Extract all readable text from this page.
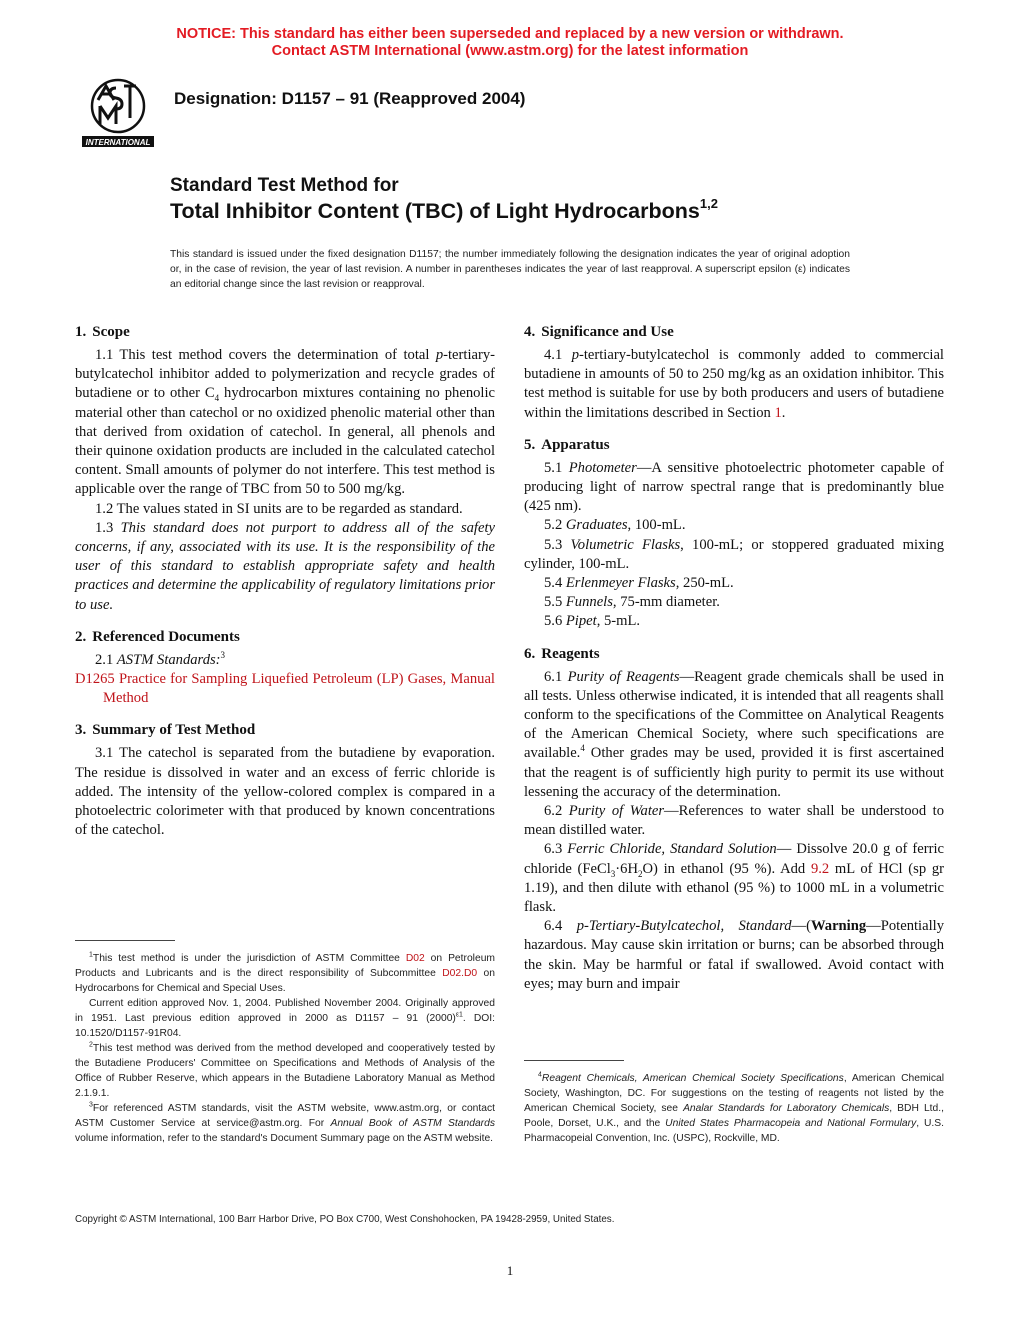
NOTICE: This standard has either been superseded and replaced by a new version or withdrawn.
Contact ASTM International (www.astm.org) for the latest information
INTERNATIONAL
Designation: D1157 – 91 (Reapproved 2004)
Standard Test Method for
Total Inhibitor Content (TBC) of Light Hydrocarbons$^{1,2}$
This standard is issued under the fixed designation D1157; the number immediately following the designation indicates the year of original adoption or, in the case of revision, the year of last revision. A number in parentheses indicates the year of last reapproval. A superscript epsilon (ε) indicates an editorial change since the last revision or reapproval.
1. Scope

1.1 This test method covers the determination of total p-tertiary-butylcatechol inhibitor added to polymerization and recycle grades of butadiene or to other $C_4$ hydrocarbon mixtures containing no phenolic material other than catechol or no oxidized phenolic material other than that derived from oxidation of catechol. In general, all phenols and their quinone oxidation products are included in the calculated catechol content. Small amounts of polymer do not interfere. This test method is applicable over the range of TBC from 50 to 500 mg/kg.

1.2 The values stated in SI units are to be regarded as standard.

1.3 This standard does not purport to address all of the safety concerns, if any, associated with its use. It is the responsibility of the user of this standard to establish appropriate safety and health practices and determine the applicability of regulatory limitations prior to use.

2. Referenced Documents

2.1 ASTM Standards:$^3$

D1265 Practice for Sampling Liquefied Petroleum (LP) Gases, Manual Method

3. Summary of Test Method

3.1 The catechol is separated from the butadiene by evaporation. The residue is dissolved in water and an excess of ferric chloride is added. The intensity of the yellow-colored complex is compared in a photoelectric colorimeter with that produced by known concentrations of the catechol.

4. Significance and Use

4.1 p-tertiary-butylcatechol is commonly added to commercial butadiene in amounts of 50 to 250 mg/kg as an oxidation inhibitor. This test method is suitable for use by both producers and users of butadiene within the limitations described in Section 1.

5. Apparatus

5.1 Photometer—A sensitive photoelectric photometer capable of producing light of narrow spectral range that is predominantly blue (425 nm).

5.2 Graduates, 100-mL.

5.3 Volumetric Flasks, 100-mL; or stoppered graduated mixing cylinder, 100-mL.

5.4 Erlenmeyer Flasks, 250-mL.

5.5 Funnels, 75-mm diameter.

5.6 Pipet, 5-mL.

6. Reagents

6.1 Purity of Reagents—Reagent grade chemicals shall be used in all tests. Unless otherwise indicated, it is intended that all reagents shall conform to the specifications of the Committee on Analytical Reagents of the American Chemical Society, where such specifications are available.$^4$ Other grades may be used, provided it is first ascertained that the reagent is of sufficiently high purity to permit its use without lessening the accuracy of the determination.

6.2 Purity of Water—References to water shall be understood to mean distilled water.

6.3 Ferric Chloride, Standard Solution— Dissolve 20.0 g of ferric chloride $(FeCl_3\cdot 6H_2O)$ in ethanol (95 %). Add 9.2 mL of HCl (sp gr 1.19), and then dilute with ethanol (95 %) to 1000 mL in a volumetric flask.

6.4 p-Tertiary-Butylcatechol, Standard—(Warning—Potentially hazardous. May cause skin irritation or burns; can be absorbed through the skin. May be harmful or fatal if swallowed. Avoid contact with eyes; may burn and impair

$^1$This test method is under the jurisdiction of ASTM Committee D02 on Petroleum Products and Lubricants and is the direct responsibility of Subcommittee D02.D0 on Hydrocarbons for Chemical and Special Uses.

Current edition approved Nov. 1, 2004. Published November 2004. Originally approved in 1951. Last previous edition approved in 2000 as D1157 – 91 $(2000)^{\varepsilon 1}$. DOI: 10.1520/D1157-91R04.

$^2$This test method was derived from the method developed and cooperatively tested by the Butadiene Producers' Committee on Specifications and Methods of Analysis of the Office of Rubber Reserve, which appears in the Butadiene Laboratory Manual as Method 2.1.9.1.

$^3$For referenced ASTM standards, visit the ASTM website, www.astm.org, or contact ASTM Customer Service at service@astm.org. For Annual Book of ASTM Standards volume information, refer to the standard's Document Summary page on the ASTM website.

$^4$Reagent Chemicals, American Chemical Society Specifications, American Chemical Society, Washington, DC. For suggestions on the testing of reagents not listed by the American Chemical Society, see Analar Standards for Laboratory Chemicals, BDH Ltd., Poole, Dorset, U.K., and the United States Pharmacopeia and National Formulary, U.S. Pharmacopeial Convention, Inc. (USPC), Rockville, MD.

Copyright © ASTM International, 100 Barr Harbor Drive, PO Box C700, West Conshohocken, PA 19428-2959, United States.
1
